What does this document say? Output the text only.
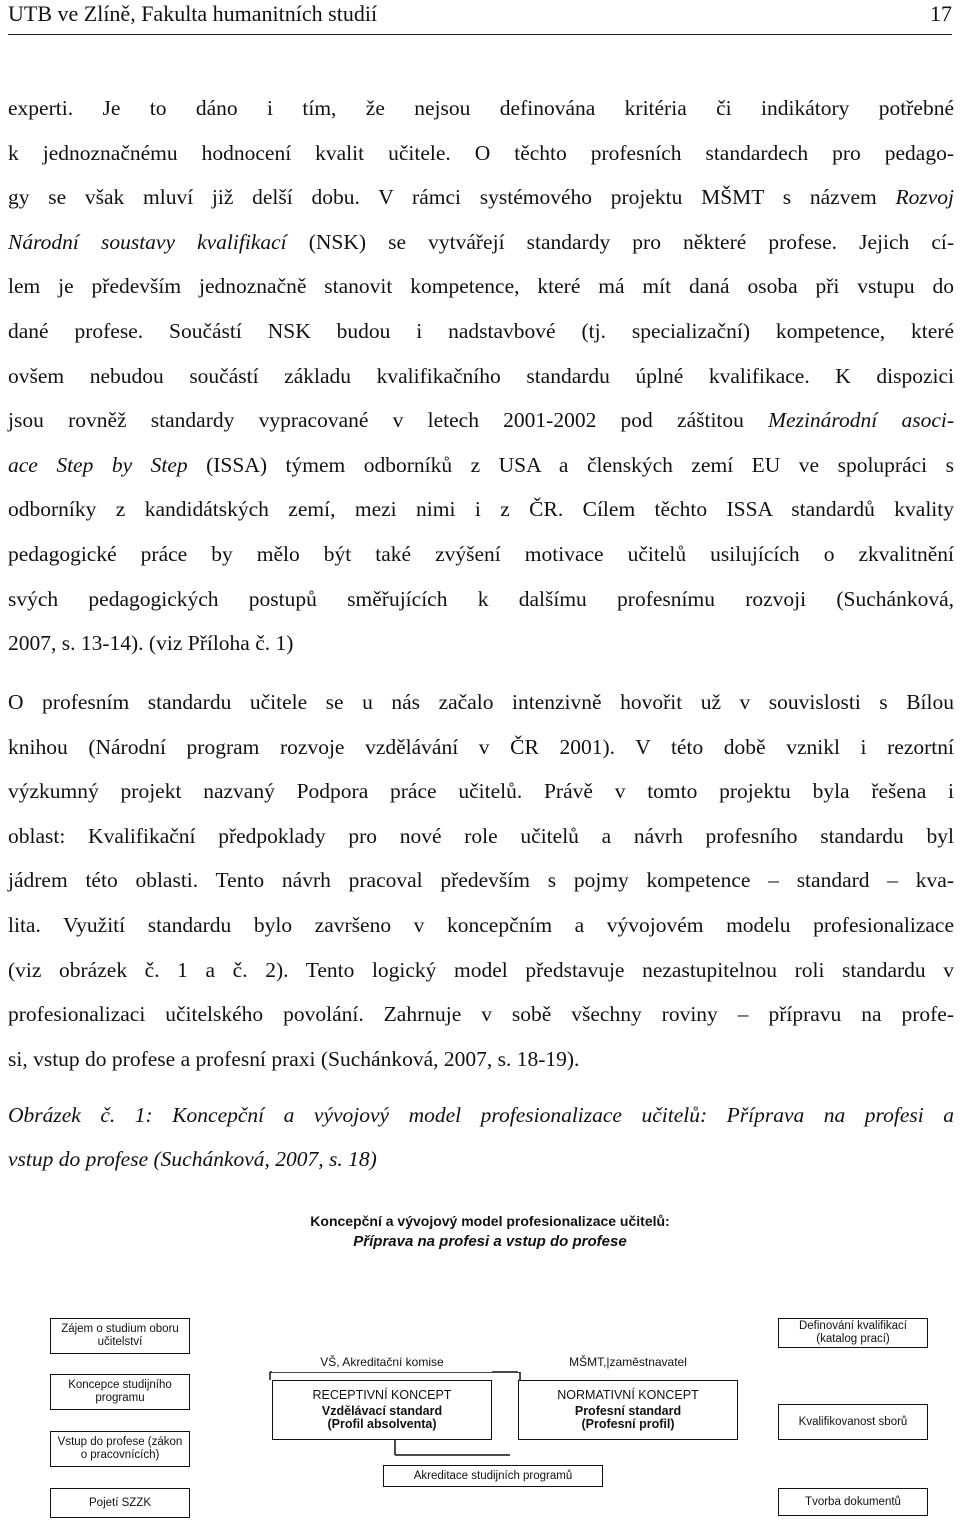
UTB ve Zlíně, Fakulta humanitních studií	17
experti. Je to dáno i tím, že nejsou definována kritéria či indikátory potřebné
k jednoznačnému hodnocení kvalit učitele. O těchto profesních standardech pro pedago-
gy se však mluví již delší dobu. V rámci systémového projektu MŠMT s názvem Rozvoj
Národní soustavy kvalifikací (NSK) se vytvářejí standardy pro některé profese. Jejich cí-
lem je především jednoznačně stanovit kompetence, které má mít daná osoba při vstupu do
dané profese. Součástí NSK budou i nadstavbové (tj. specializační) kompetence, které
ovšem nebudou součástí základu kvalifikačního standardu úplné kvalifikace. K dispozici
jsou rovněž standardy vypracované v letech 2001-2002 pod záštitou Mezinárodní asoci-
ace Step by Step (ISSA) týmem odborníků z USA a členských zemí EU ve spolupráci s
odborníky z kandidátských zemí, mezi nimi i z ČR. Cílem těchto ISSA standardů kvality
pedagogické práce by mělo být také zvýšení motivace učitelů usilujících o zkvalitnění
svých pedagogických postupů směřujících k dalšímu profesnímu rozvoji (Suchánková,
2007, s. 13-14). (viz Příloha č. 1)
O profesním standardu učitele se u nás začalo intenzivně hovořit už v souvislosti s Bílou
knihou (Národní program rozvoje vzdělávání v ČR 2001). V této době vznikl i rezortní
výzkumný projekt nazvaný Podpora práce učitelů. Právě v tomto projektu byla řešena i
oblast: Kvalifikační předpoklady pro nové role učitelů a návrh profesního standardu byl
jádrem této oblasti. Tento návrh pracoval především s pojmy kompetence – standard – kva-
lita. Využití standardu bylo završeno v koncepčním a vývojovém modelu profesionalizace
(viz obrázek č. 1 a č. 2). Tento logický model představuje nezastupitelnou roli standardu v
profesionalizaci učitelského povolání. Zahrnuje v sobě všechny roviny – přípravu na profe-
si, vstup do profese a profesní praxi (Suchánková, 2007, s. 18-19).
Obrázek č. 1: Koncepční a vývojový model profesionalizace učitelů: Příprava na profesi a
vstup do profese (Suchánková, 2007, s. 18)
Koncepční a vývojový model profesionalizace učitelů:
Příprava na profesi a vstup do profese
Zájem o studium oboru učitelství
Koncepce studijního programu
Vstup do profese (zákon o pracovnících)
Pojetí SZZK
VŠ, Akreditační komise
RECEPTIVNÍ KONCEPT
Vzdělávací standard
(Profil absolventa)
MŠMT,|zaměstnavatel
NORMATIVNÍ KONCEPT
Profesní standard
(Profesní profil)
Akreditace studijních programů
Definování kvalifikací (katalog prací)
Kvalifikovanost sborů
Tvorba dokumentů
